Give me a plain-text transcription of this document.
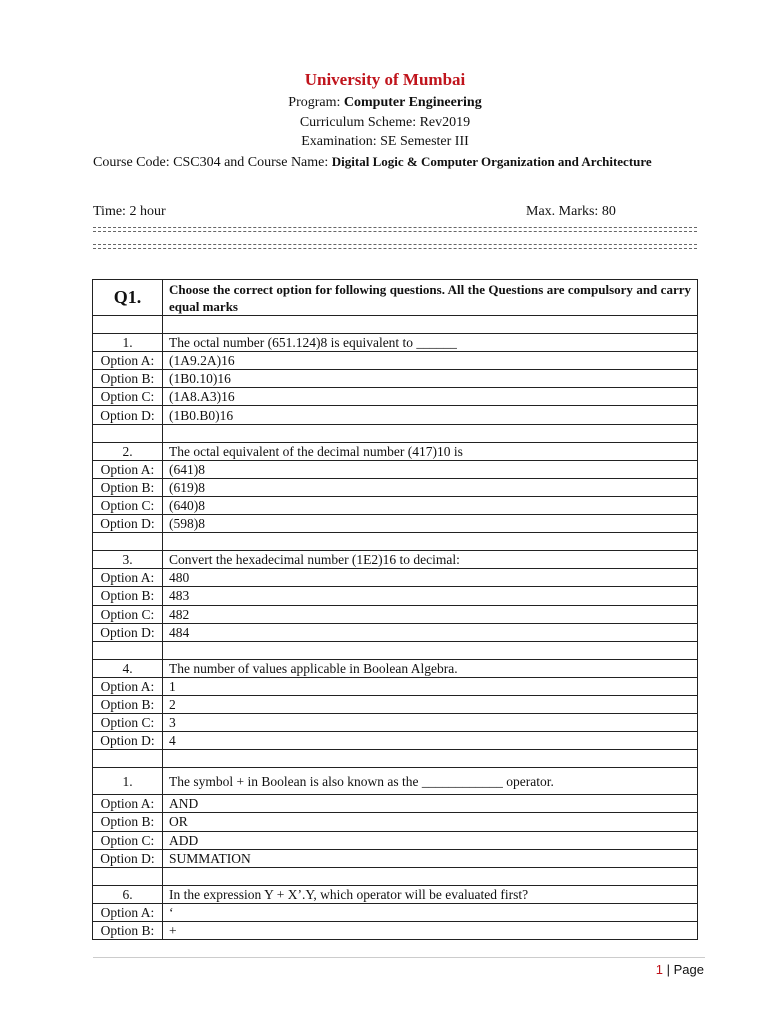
University of Mumbai
Program: Computer Engineering
Curriculum Scheme: Rev2019
Examination: SE Semester III
Course Code: CSC304 and Course Name: Digital Logic & Computer Organization and Architecture
Time: 2 hour	Max. Marks: 80
Q1.	Choose the correct option for following questions. All the Questions are compulsory and carry equal marks

1.	The octal number (651.124)8 is equivalent to ______
Option A:	(1A9.2A)16
Option B:	(1B0.10)16
Option C:	(1A8.A3)16
Option D:	(1B0.B0)16

2.	The octal equivalent of the decimal number (417)10 is
Option A:	(641)8
Option B:	(619)8
Option C:	(640)8
Option D:	(598)8

3.	Convert the hexadecimal number (1E2)16 to decimal:
Option A:	480
Option B:	483
Option C:	482
Option D:	484

4.	The number of values applicable in Boolean Algebra.
Option A:	1
Option B:	2
Option C:	3
Option D:	4

1.	The symbol + in Boolean is also known as the ____________ operator.
Option A:	AND
Option B:	OR
Option C:	ADD
Option D:	SUMMATION

6.	In the expression Y + X’.Y, which operator will be evaluated first?
Option A:	‘
Option B:	+
1 | Page
